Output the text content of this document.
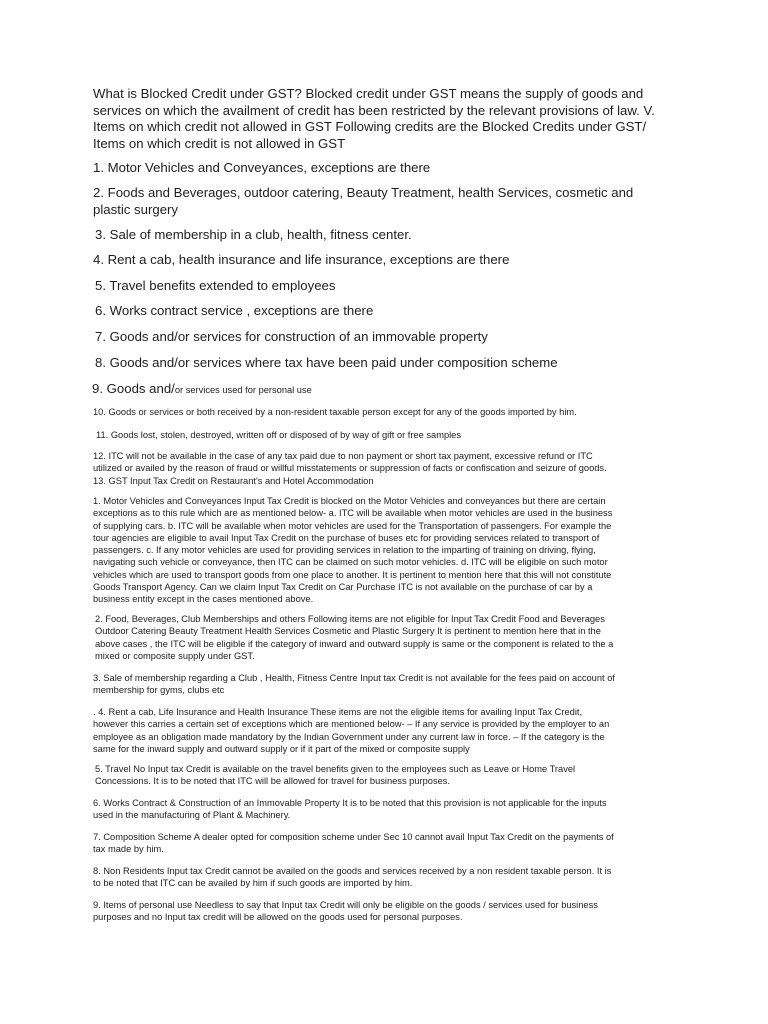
What is Blocked Credit under GST? Blocked credit under GST means the supply of goods and
services on which the availment of credit has been restricted by the relevant provisions of law. V.
Items on which credit not allowed in GST Following credits are the Blocked Credits under GST/
Items on which credit is not allowed in GST

1. Motor Vehicles and Conveyances, exceptions are there

2. Foods and Beverages, outdoor catering, Beauty Treatment, health Services, cosmetic and
plastic surgery

3. Sale of membership in a club, health, fitness center.

4. Rent a cab, health insurance and life insurance, exceptions are there

5. Travel benefits extended to employees

6. Works contract service , exceptions are there

7. Goods and/or services for construction of an immovable property

8. Goods and/or services where tax have been paid under composition scheme

9. Goods and/or services used for personal use

10. Goods or services or both received by a non-resident taxable person except for any of the goods imported by him.

11. Goods lost, stolen, destroyed, written off or disposed of by way of gift or free samples

12. ITC will not be available in the case of any tax paid due to non payment or short tax payment, excessive refund or ITC
utilized or availed by the reason of fraud or willful misstatements or suppression of facts or confiscation and seizure of goods.
13. GST Input Tax Credit on Restaurant's and Hotel Accommodation

1. Motor Vehicles and Conveyances Input Tax Credit is blocked on the Motor Vehicles and conveyances but there are certain
exceptions as to this rule which are as mentioned below- a. ITC will be available when motor vehicles are used in the business
of supplying cars. b. ITC will be available when motor vehicles are used for the Transportation of passengers. For example the
tour agencies are eligible to avail Input Tax Credit on the purchase of buses etc for providing services related to transport of
passengers. c. If any motor vehicles are used for providing services in relation to the imparting of training on driving, flying,
navigating such vehicle or conveyance, then ITC can be claimed on such motor vehicles. d. ITC will be eligible on such motor
vehicles which are used to transport goods from one place to another. It is pertinent to mention here that this will not constitute
Goods Transport Agency. Can we claim Input Tax Credit on Car Purchase ITC is not available on the purchase of car by a
business entity except in the cases mentioned above.

2. Food, Beverages, Club Memberships and others Following items are not eligible for Input Tax Credit Food and Beverages
Outdoor Catering Beauty Treatment Health Services Cosmetic and Plastic Surgery It is pertinent to mention here that in the
above cases , the ITC will be eligible if the category of inward and outward supply is same or the component is related to the a
mixed or composite supply under GST.

3. Sale of membership regarding a Club , Health, Fitness Centre Input tax Credit is not available for the fees paid on account of
membership for gyms, clubs etc

. 4. Rent a cab, Life Insurance and Health Insurance These items are not the eligible items for availing Input Tax Credit,
however this carries a certain set of exceptions which are mentioned below- – If any service is provided by the employer to an
employee as an obligation made mandatory by the Indian Government under any current law in force. – If the category is the
same for the inward supply and outward supply or if it part of the mixed or composite supply

5. Travel No Input tax Credit is available on the travel benefits given to the employees such as Leave or Home Travel
Concessions. It is to be noted that ITC will be allowed for travel for business purposes.

6. Works Contract & Construction of an Immovable Property It is to be noted that this provision is not applicable for the inputs
used in the manufacturing of Plant & Machinery.

7. Composition Scheme A dealer opted for composition scheme under Sec 10 cannot avail Input Tax Credit on the payments of
tax made by him.

8. Non Residents Input tax Credit cannot be availed on the goods and services received by a non resident taxable person. It is
to be noted that ITC can be availed by him if such goods are imported by him.

9. Items of personal use Needless to say that Input tax Credit will only be eligible on the goods / services used for business
purposes and no Input tax credit will be allowed on the goods used for personal purposes.
